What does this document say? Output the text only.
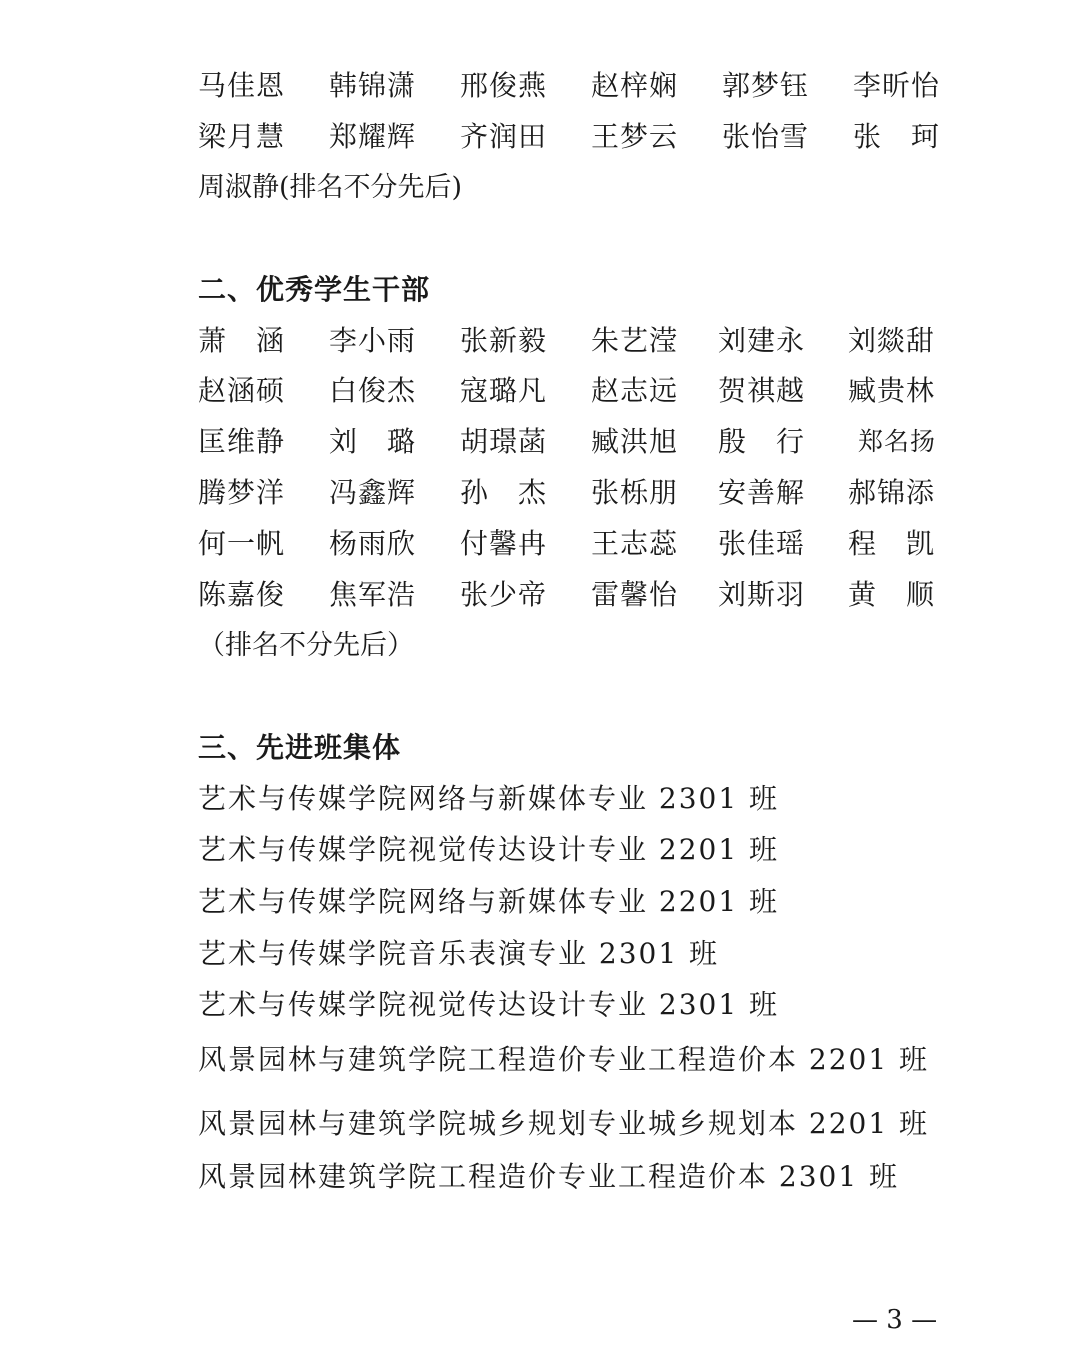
马佳恩 韩锦潇 邢俊燕 赵梓娴 郭梦钰 李昕怡
梁月慧 郑耀辉 齐润田 王梦云 张怡雪 张　珂
周淑静(排名不分先后)
二、优秀学生干部
萧　涵 李小雨 张新毅 朱艺滢 刘建永 刘燚甜
赵涵硕 白俊杰 寇璐凡 赵志远 贺祺越 臧贵林
匡维静 刘　璐 胡璟菡 臧洪旭 殷　行 郑名扬
腾梦洋 冯鑫辉 孙　杰 张栎朋 安善解 郝锦添
何一帆 杨雨欣 付馨冉 王志蕊 张佳瑶 程　凯
陈嘉俊 焦军浩 张少帝 雷馨怡 刘斯羽 黄　顺
（排名不分先后）
三、先进班集体
艺术与传媒学院网络与新媒体专业 2301 班
艺术与传媒学院视觉传达设计专业 2201 班
艺术与传媒学院网络与新媒体专业 2201 班
艺术与传媒学院音乐表演专业 2301 班
艺术与传媒学院视觉传达设计专业 2301 班
风景园林与建筑学院工程造价专业工程造价本 2201 班
风景园林与建筑学院城乡规划专业城乡规划本 2201 班
风景园林建筑学院工程造价专业工程造价本 2301 班
— 3 —
